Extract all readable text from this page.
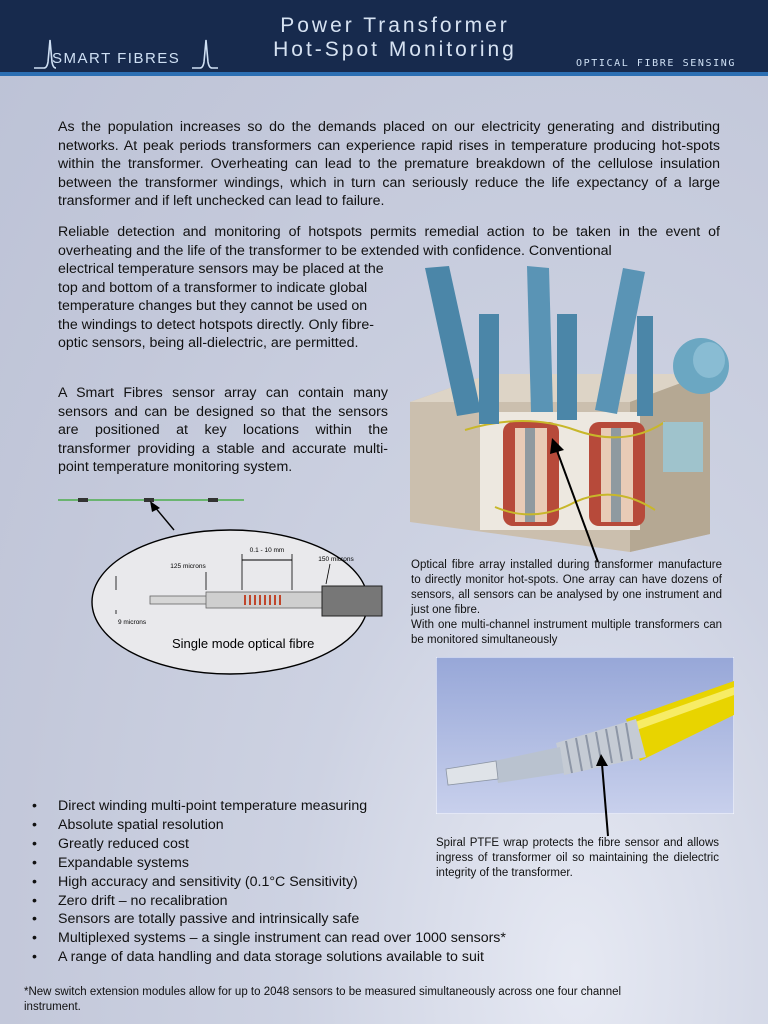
SMART FIBRES
Power Transformer
Hot-Spot Monitoring
OPTICAL FIBRE SENSING

As the population increases so do the demands placed on our electricity generating and distributing networks. At peak periods transformers can experience rapid rises in temperature producing hot-spots within the transformer. Overheating can lead to the premature breakdown of the cellulose insulation between the transformer windings, which in turn can seriously reduce the life expectancy of a large transformer and if left unchecked can lead to failure.

Reliable detection and monitoring of hotspots permits remedial action to be taken in the event of overheating and the life of the transformer to be extended with confidence. Conventional

electrical temperature sensors may be placed at the top and bottom of a transformer to indicate global temperature changes but they cannot be used on the windings to detect hotspots directly. Only fibre-optic sensors, being all-dielectric, are permitted.

A Smart Fibres sensor array can contain many sensors and can be designed so that the sensors are positioned at key locations within the transformer providing a stable and accurate multi-point temperature monitoring system.

Optical fibre array installed during transformer manufacture to directly monitor hot-spots. One array can have dozens of sensors, all sensors can be analysed by one instrument and just one fibre.
With one multi-channel instrument multiple transformers can be monitored simultaneously

0.1 - 10 mm
125 microns
150 microns
9 microns
Single mode optical fibre

Spiral PTFE wrap protects the fibre sensor and allows ingress of transformer oil so maintaining the dielectric integrity of the transformer.

• Direct winding multi-point temperature measuring
• Absolute spatial resolution
• Greatly reduced cost
• Expandable systems
• High accuracy and sensitivity (0.1°C Sensitivity)
• Zero drift – no recalibration
• Sensors are totally passive and intrinsically safe
• Multiplexed systems – a single instrument can read over 1000 sensors*
• A range of data handling and data storage solutions available to suit
*New switch extension modules allow for up to 2048 sensors to be measured simultaneously across one four channel instrument.
